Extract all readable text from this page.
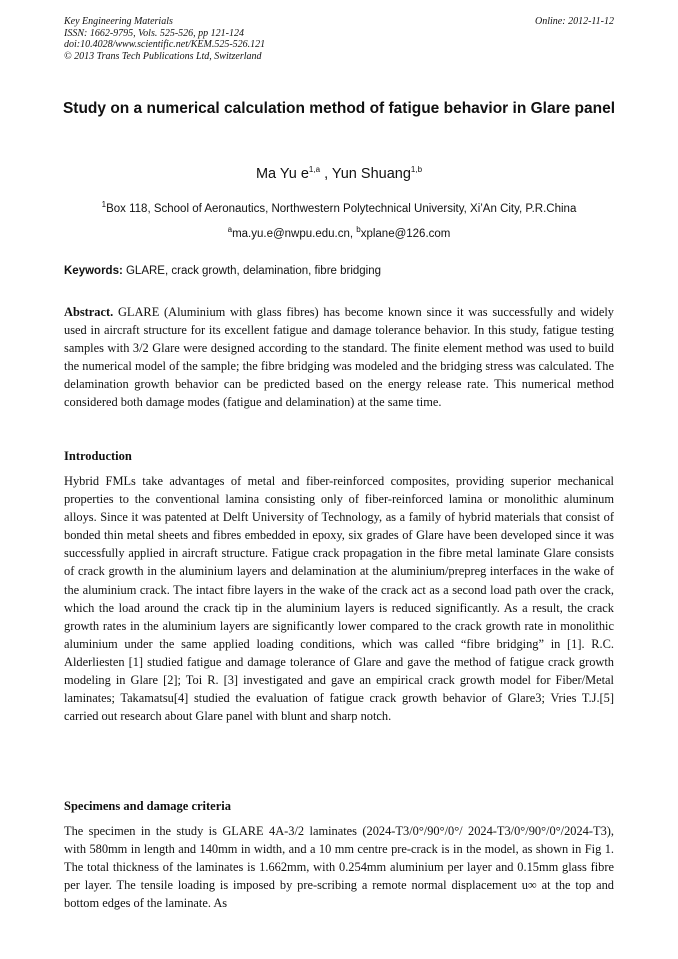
Key Engineering Materials
ISSN: 1662-9795, Vols. 525-526, pp 121-124
doi:10.4028/www.scientific.net/KEM.525-526.121
© 2013 Trans Tech Publications Ltd, Switzerland
Online: 2012-11-12
Study on a numerical calculation method of fatigue behavior in Glare panel
Ma Yu $e^{1,a}$ , Yun Shuang$^{1,b}$
$^1$Box 118, School of Aeronautics, Northwestern Polytechnical University, Xi’An City, P.R.China
$^a$ma.yu.e@nwpu.edu.cn, $^b$xplane@126.com
Keywords: GLARE, crack growth, delamination, fibre bridging
Abstract. GLARE (Aluminium with glass fibres) has become known since it was successfully and widely used in aircraft structure for its excellent fatigue and damage tolerance behavior. In this study, fatigue testing samples with 3/2 Glare were designed according to the standard. The finite element method was used to build the numerical model of the sample; the fibre bridging was modeled and the bridging stress was calculated. The delamination growth behavior can be predicted based on the energy release rate. This numerical method considered both damage modes (fatigue and delamination) at the same time.
Introduction
Hybrid FMLs take advantages of metal and fiber-reinforced composites, providing superior mechanical properties to the conventional lamina consisting only of fiber-reinforced lamina or monolithic aluminum alloys. Since it was patented at Delft University of Technology, as a family of hybrid materials that consist of bonded thin metal sheets and fibres embedded in epoxy, six grades of Glare have been developed since it was successfully applied in aircraft structure. Fatigue crack propagation in the fibre metal laminate Glare consists of crack growth in the aluminium layers and delamination at the aluminium/prepreg interfaces in the wake of the aluminium crack. The intact fibre layers in the wake of the crack act as a second load path over the crack, which the load around the crack tip in the aluminium layers is reduced significantly. As a result, the crack growth rates in the aluminium layers are significantly lower compared to the crack growth rate in monolithic aluminium under the same applied loading conditions, which was called “fibre bridging” in [1]. R.C. Alderliesten [1] studied fatigue and damage tolerance of Glare and gave the method of fatigue crack growth modeling in Glare [2]; Toi R. [3] investigated and gave an empirical crack growth model for Fiber/Metal laminates; Takamatsu[4] studied the evaluation of fatigue crack growth behavior of Glare3; Vries T.J.[5] carried out research about Glare panel with blunt and sharp notch.
Specimens and damage criteria
The specimen in the study is GLARE 4A-3/2 laminates (2024-T3/0°/90°/0°/ 2024-T3/0°/90°/0°/2024-T3), with 580mm in length and 140mm in width, and a 10 mm centre pre-crack is in the model, as shown in Fig 1. The total thickness of the laminates is 1.662mm, with 0.254mm aluminium per layer and 0.15mm glass fibre per layer. The tensile loading is imposed by pre-scribing a remote normal displacement u∞ at the top and bottom edges of the laminate. As
